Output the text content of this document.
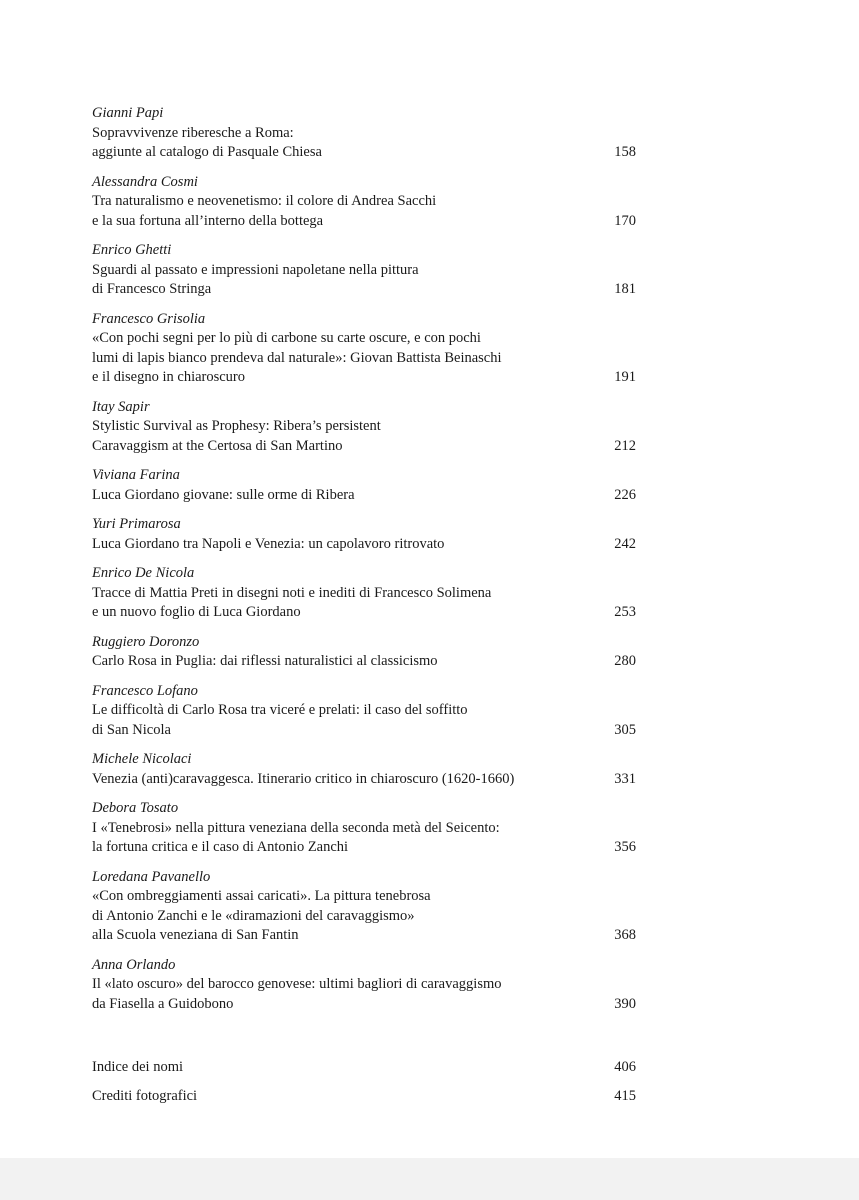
Gianni Papi
Sopravvivenze riberesche a Roma:
aggiunte al catalogo di Pasquale Chiesa	158
Alessandra Cosmi
Tra naturalismo e neovenetismo: il colore di Andrea Sacchi
e la sua fortuna all’interno della bottega	170
Enrico Ghetti
Sguardi al passato e impressioni napoletane nella pittura
di Francesco Stringa	181
Francesco Grisolia
«Con pochi segni per lo più di carbone su carte oscure, e con pochi
lumi di lapis bianco prendeva dal naturale»: Giovan Battista Beinaschi
e il disegno in chiaroscuro	191
Itay Sapir
Stylistic Survival as Prophesy: Ribera’s persistent
Caravaggism at the Certosa di San Martino	212
Viviana Farina
Luca Giordano giovane: sulle orme di Ribera	226
Yuri Primarosa
Luca Giordano tra Napoli e Venezia: un capolavoro ritrovato	242
Enrico De Nicola
Tracce di Mattia Preti in disegni noti e inediti di Francesco Solimena
e un nuovo foglio di Luca Giordano	253
Ruggiero Doronzo
Carlo Rosa in Puglia: dai riflessi naturalistici al classicismo	280
Francesco Lofano
Le difficoltà di Carlo Rosa tra viceré e prelati: il caso del soffitto
di San Nicola	305
Michele Nicolaci
Venezia (anti)caravaggesca. Itinerario critico in chiaroscuro (1620-1660)	331
Debora Tosato
I «Tenebrosi» nella pittura veneziana della seconda metà del Seicento:
la fortuna critica e il caso di Antonio Zanchi	356
Loredana Pavanello
«Con ombreggiamenti assai caricati». La pittura tenebrosa
di Antonio Zanchi e le «diramazioni del caravaggismo»
alla Scuola veneziana di San Fantin	368
Anna Orlando
Il «lato oscuro» del barocco genovese: ultimi bagliori di caravaggismo
da Fiasella a Guidobono	390
Indice dei nomi	406
Crediti fotografici	415
